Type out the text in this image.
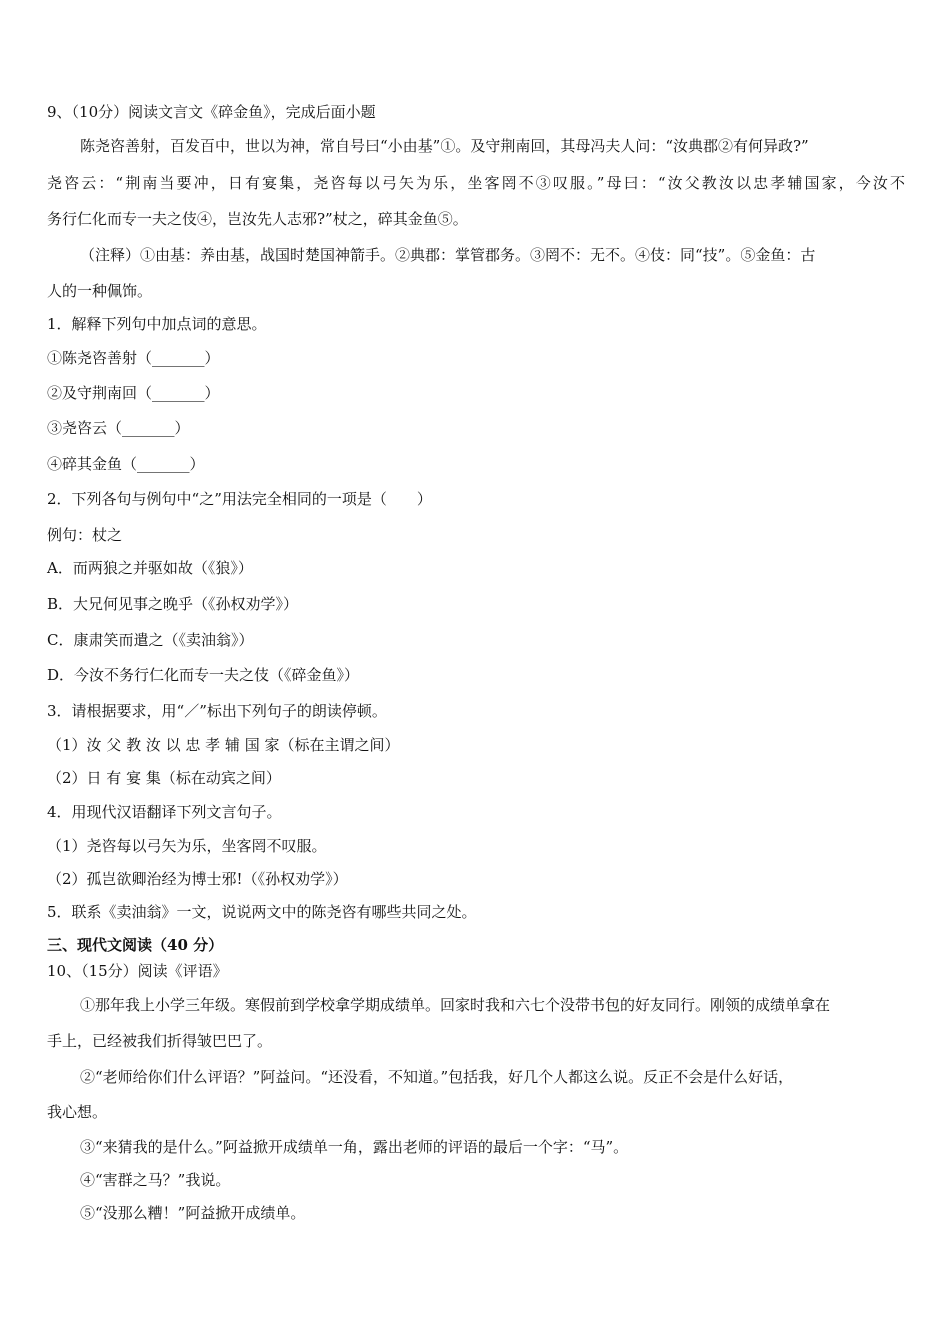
9、（10分）阅读文言文《碎金鱼》，完成后面小题
陈尧咨善射，百发百中，世以为神，常自号曰“小由基”①。及守荆南回，其母冯夫人问：“汝典郡②有何异政?”
尧咨云：“荆南当要冲，日有宴集，尧咨每以弓矢为乐，坐客罔不③叹服。”母曰：“汝父教汝以忠孝辅国家，今汝不
务行仁化而专一夫之伎④，岂汝先人志邪?”杖之，碎其金鱼⑤。
（注释）①由基：养由基，战国时楚国神箭手。②典郡：掌管郡务。③罔不：无不。④伎：同“技”。⑤金鱼：古
人的一种佩饰。
1．解释下列句中加点词的意思。
①陈尧咨善射（_______）
②及守荆南回（_______）
③尧咨云（_______）
④碎其金鱼（_______）
2．下列各句与例句中“之”用法完全相同的一项是（　　）
例句：杖之
A．而两狼之并驱如故（《狼》）
B．大兄何见事之晚乎（《孙权劝学》）
C．康肃笑而遣之（《卖油翁》）
D．今汝不务行仁化而专一夫之伎（《碎金鱼》）
3．请根据要求，用“／”标出下列句子的朗读停顿。
（1）汝 父 教 汝 以 忠 孝 辅 国 家（标在主谓之间）
（2）日 有 宴 集（标在动宾之间）
4．用现代汉语翻译下列文言句子。
（1）尧咨每以弓矢为乐，坐客罔不叹服。
（2）孤岂欲卿治经为博士邪!（《孙权劝学》）
5．联系《卖油翁》一文，说说两文中的陈尧咨有哪些共同之处。
三、现代文阅读（40 分）
10、（15分）阅读《评语》
①那年我上小学三年级。寒假前到学校拿学期成绩单。回家时我和六七个没带书包的好友同行。刚领的成绩单拿在
手上，已经被我们折得皱巴巴了。
②“老师给你们什么评语？”阿益问。“还没看，不知道。”包括我，好几个人都这么说。反正不会是什么好话，
我心想。
③“来猜我的是什么。”阿益掀开成绩单一角，露出老师的评语的最后一个字：“马”。
④“害群之马？”我说。
⑤“没那么糟！”阿益掀开成绩单。
